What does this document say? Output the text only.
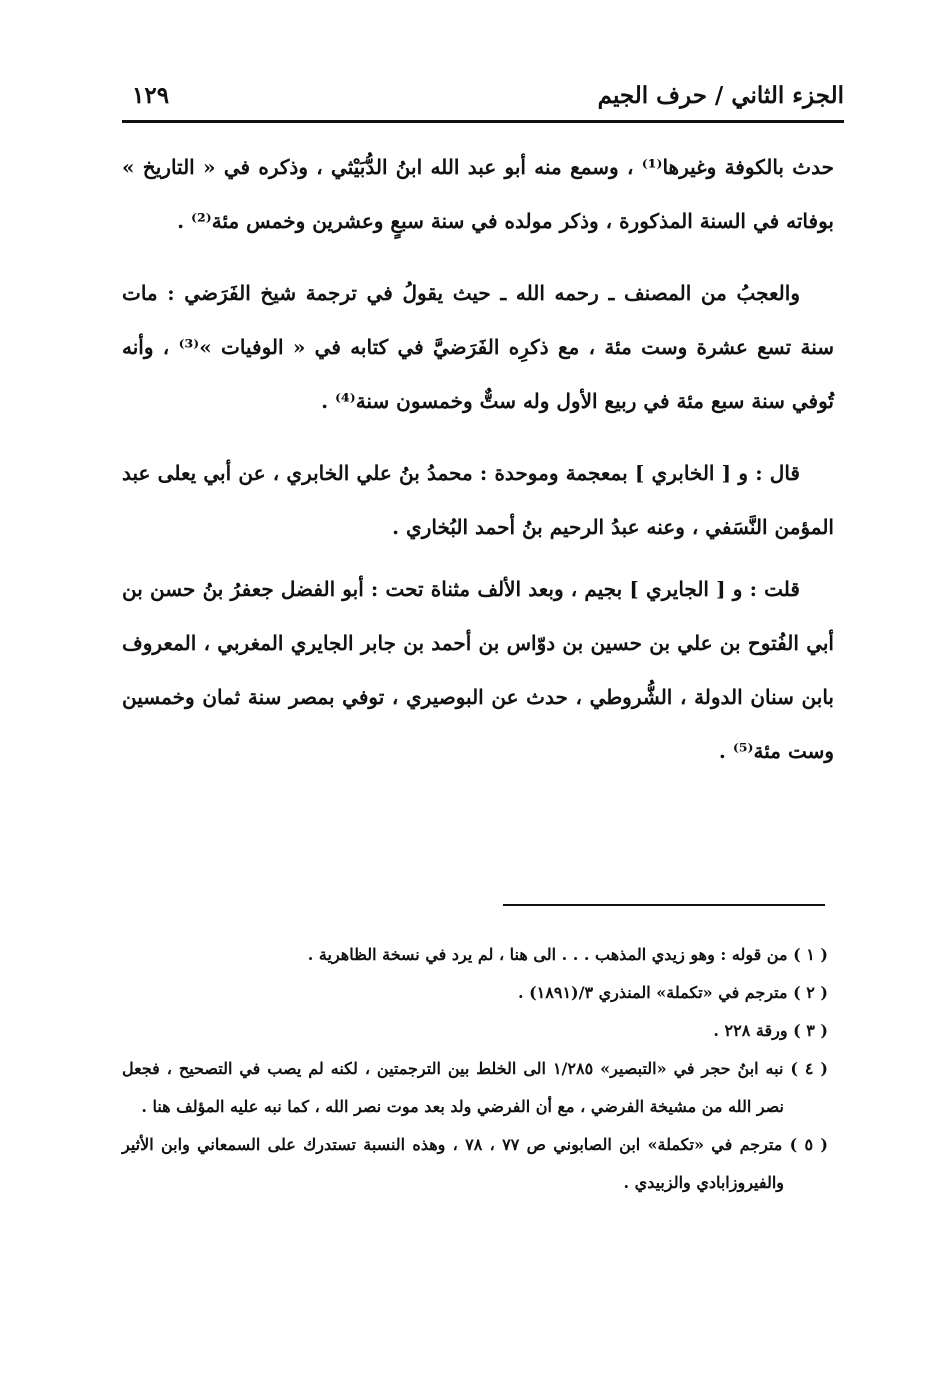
الجزء الثاني / حرف الجيم
١٢٩

حدث بالكوفة وغيرها⁽¹⁾ ، وسمع منه أبو عبد الله ابنُ الدُّبَيْثي ، وذكره في « التاريخ » بوفاته في السنة المذكورة ، وذكر مولده في سنة سبعٍ وعشرين وخمس مئة⁽²⁾ .

والعجبُ من المصنف ـ رحمه الله ـ حيث يقولُ في ترجمة شيخ الفَرَضي : مات سنة تسع عشرة وست مئة ، مع ذكرِه الفَرَضيَّ في كتابه في « الوفيات »⁽³⁾ ، وأنه تُوفي سنة سبع مئة في ربيع الأول وله ستٌّ وخمسون سنة⁽⁴⁾ .

قال : و [ الخابري ] بمعجمة وموحدة : محمدُ بنُ علي الخابري ، عن أبي يعلى عبد المؤمن النَّسَفي ، وعنه عبدُ الرحيم بنُ أحمد البُخاري .

قلت : و [ الجايري ] بجيم ، وبعد الألف مثناة تحت : أبو الفضل جعفرُ بنُ حسن بن أبي الفُتوح بن علي بن حسين بن دوّاس بن أحمد بن جابر الجايري المغربي ، المعروف بابن سنان الدولة ، الشُّروطي ، حدث عن البوصيري ، توفي بمصر سنة ثمان وخمسين وست مئة⁽⁵⁾ .

( ١ ) من قوله : وهو زيدي المذهب . . . الى هنا ، لم يرد في نسخة الظاهرية .

( ٢ ) مترجم في «تكملة» المنذري ٣/(١٨٩١) .

( ٣ ) ورقة ٢٢٨ .

( ٤ ) نبه ابنُ حجر في «التبصير» ١/٢٨٥ الى الخلط بين الترجمتين ، لكنه لم يصب في التصحيح ، فجعل نصر الله من مشيخة الفرضي ، مع أن الفرضي ولد بعد موت نصر الله ، كما نبه عليه المؤلف هنا .

( ٥ ) مترجم في «تكملة» ابن الصابوني ص ٧٧ ، ٧٨ ، وهذه النسبة تستدرك على السمعاني وابن الأثير والفيروزابادي والزبيدي .
